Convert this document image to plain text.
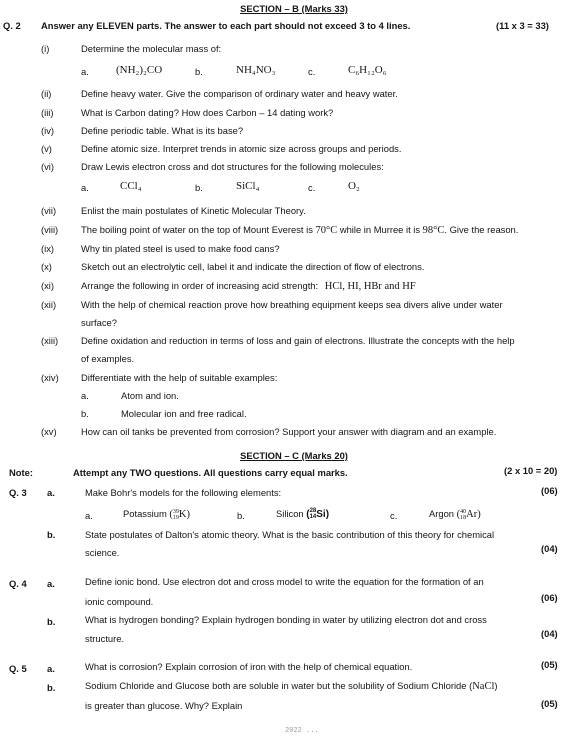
SECTION – B (Marks 33)
Q. 2 Answer any ELEVEN parts. The answer to each part should not exceed 3 to 4 lines.	(11 x 3 = 33)
(i)	Determine the molecular mass of:
a. (NH₂)₂CO	b.	NH₄NO₃	c.	C₆H₁₂O₆
(ii)	Define heavy water. Give the comparison of ordinary water and heavy water.
(iii)	What is Carbon dating? How does Carbon – 14 dating work?
(iv)	Define periodic table. What is its base?
(v)	Define atomic size. Interpret trends in atomic size across groups and periods.
(vi)	Draw Lewis electron cross and dot structures for the following molecules:
a.	CCl₄	b.	SiCl₄	c.	O₂
(vii)	Enlist the main postulates of Kinetic Molecular Theory.
(viii) The boiling point of water on the top of Mount Everest is 70°C while in Murree it is 98°C. Give the reason.
(ix)	Why tin plated steel is used to make food cans?
(x)	Sketch out an electrolytic cell, label it and indicate the direction of flow of electrons.
(xi)	Arrange the following in order of increasing acid strength: HCl, HI, HBr and HF
(xii)	With the help of chemical reaction prove how breathing equipment keeps sea divers alive under water
surface?
(xiii) Define oxidation and reduction in terms of loss and gain of electrons. Illustrate the concepts with the help
of examples.
(xiv) Differentiate with the help of suitable examples:
a.	Atom and ion.
b.	Molecular ion and free radical.
(xv)	How can oil tanks be prevented from corrosion? Support your answer with diagram and an example.
SECTION – C (Marks 20)
Note:	Attempt any TWO questions. All questions carry equal marks.	(2 x 10 = 20)
Q. 3 a.	Make Bohr's models for the following elements:	(06)
a.	Potassium (39
19K)	b.	Silicon (28
14Si)	c.	Argon (40
18Ar)
b.	State postulates of Dalton's atomic theory. What is the basic contribution of this theory for chemical
science.	(04)
Q. 4 a.	Define ionic bond. Use electron dot and cross model to write the equation for the formation of an
ionic compound.	(06)
b.	What is hydrogen bonding? Explain hydrogen bonding in water by utilizing electron dot and cross
structure.	(04)
Q. 5 a.	What is corrosion? Explain corrosion of iron with the help of chemical equation.	(05)
b.	Sodium Chloride and Glucose both are soluble in water but the solubility of Sodium Chloride (NaCl)
is greater than glucose. Why? Explain	(05)
2022 ...
